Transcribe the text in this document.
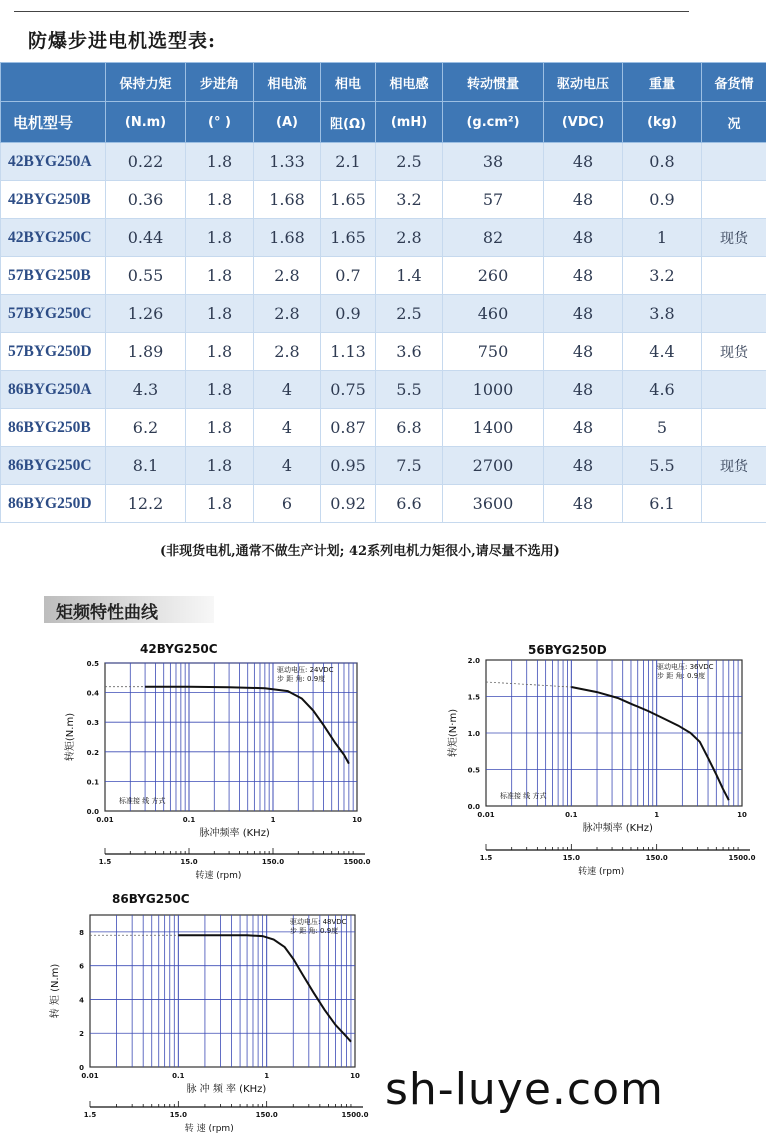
防爆步进电机选型表:
	保持力矩	步进角	相电流	相电	相电感	转动惯量	驱动电压	重量	备货情
电机型号	(N.m)	(° )	(A)	阻(Ω)	(mH)	(g.cm²)	(VDC)	(kg)	况
42BYG250A	0.22	1.8	1.33	2.1	2.5	38	48	0.8	
42BYG250B	0.36	1.8	1.68	1.65	3.2	57	48	0.9	
42BYG250C	0.44	1.8	1.68	1.65	2.8	82	48	1	现货
57BYG250B	0.55	1.8	2.8	0.7	1.4	260	48	3.2	
57BYG250C	1.26	1.8	2.8	0.9	2.5	460	48	3.8	
57BYG250D	1.89	1.8	2.8	1.13	3.6	750	48	4.4	现货
86BYG250A	4.3	1.8	4	0.75	5.5	1000	48	4.6	
86BYG250B	6.2	1.8	4	0.87	6.8	1400	48	5	
86BYG250C	8.1	1.8	4	0.95	7.5	2700	48	5.5	现货
86BYG250D	12.2	1.8	6	0.92	6.6	3600	48	6.1	
(非现货电机,通常不做生产计划; 42系列电机力矩很小,请尽量不选用)
矩频特性曲线
42BYG250C
0.0
0.1
0.2
0.3
0.4
0.5
0.01	0.1	1	10
脉冲频率 (KHz)
转矩(N.m)
驱动电压: 24VDC
步 距 角: 0.9度
标准接 线 方式
1.5	15.0	150.0	1500.0
转速 (rpm)
56BYG250D
0.0
0.5
1.0
1.5
2.0
0.01	0.1	1	10
脉冲频率 (KHz)
转矩(N·m)
驱动电压: 36VDC
步 距 角: 0.9度
标准接 线 方式
1.5	15.0	150.0	1500.0
转速 (rpm)
86BYG250C
0
2
4
6
8
0.01	0.1	1	10
脉 冲 频 率 (KHz)
转 矩 (N.m)
驱动电压: 48VDC
步 距 角: 0.9度
1.5	15.0	150.0	1500.0
转 速 (rpm)
sh-luye.com
